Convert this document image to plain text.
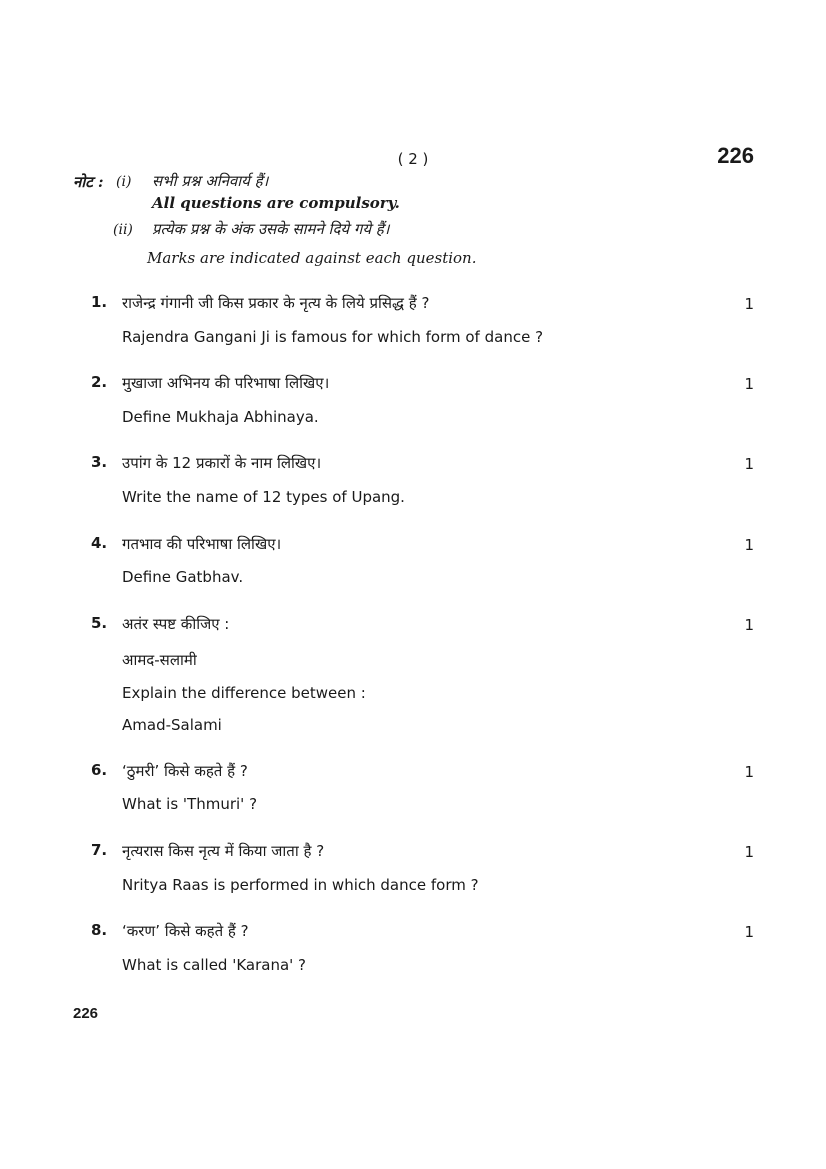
( 2 )	226
नोट : (i) सभी प्रश्न अनिवार्य हैं।
All questions are compulsory.
(ii) प्रत्येक प्रश्न के अंक उसके सामने दिये गये हैं।
Marks are indicated against each question.
1. राजेन्द्र गंगानी जी किस प्रकार के नृत्य के लिये प्रसिद्ध हैं ?	1
Rajendra Gangani Ji is famous for which form of dance ?
2. मुखाजा अभिनय की परिभाषा लिखिए।	1
Define Mukhaja Abhinaya.
3. उपांग के 12 प्रकारों के नाम लिखिए।	1
Write the name of 12 types of Upang.
4. गतभाव की परिभाषा लिखिए।	1
Define Gatbhav.
5. अतंर स्पष्ट कीजिए :	1
आमद-सलामी
Explain the difference between :
Amad-Salami
6. ‘ठुमरी’ किसे कहते हैं ?	1
What is 'Thmuri' ?
7. नृत्यरास किस नृत्य में किया जाता है ?	1
Nritya Raas is performed in which dance form ?
8. ‘करण’ किसे कहते हैं ?	1
What is called 'Karana' ?
226
